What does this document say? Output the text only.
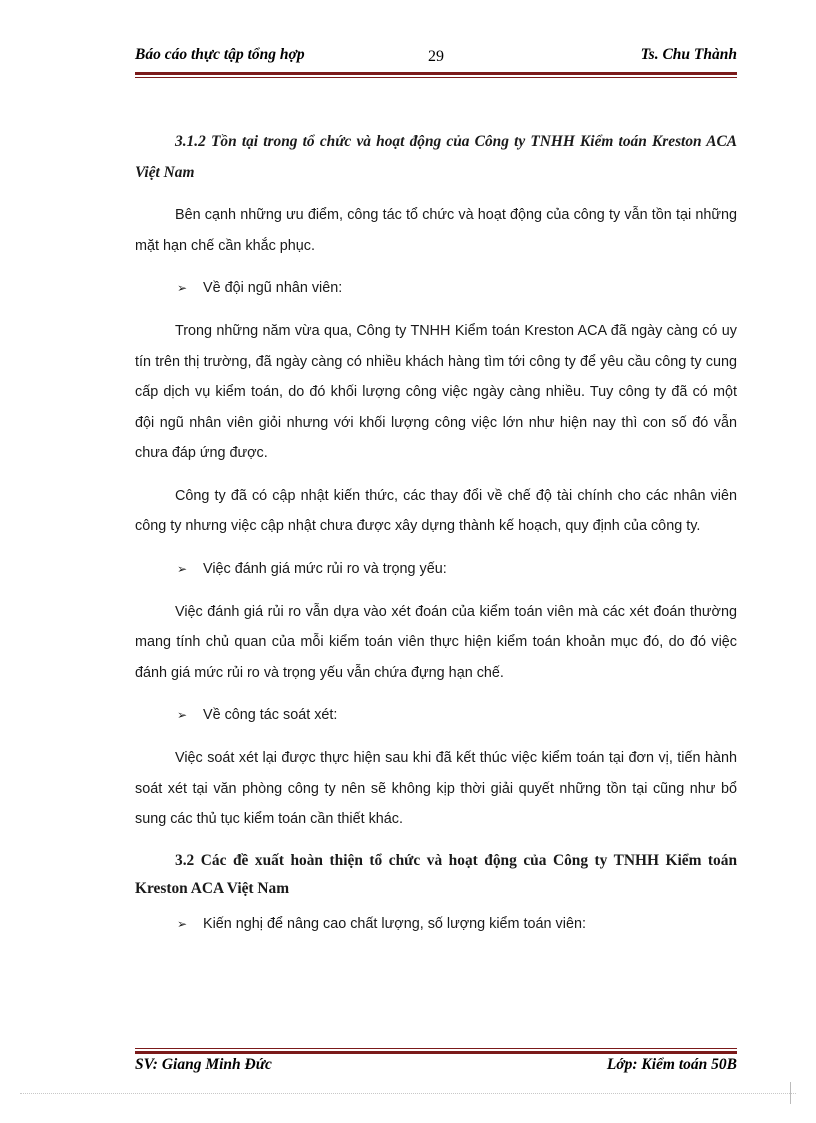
Báo cáo thực tập tổng hợp	29	Ts. Chu Thành

3.1.2 Tồn tại trong tổ chức và hoạt động của Công ty TNHH Kiểm toán Kreston ACA Việt Nam

Bên cạnh những ưu điểm, công tác tổ chức và hoạt động của công ty vẫn tồn tại những mặt hạn chế cần khắc phục.

➢ Về đội ngũ nhân viên:

Trong những năm vừa qua, Công ty TNHH Kiểm toán Kreston ACA đã ngày càng có uy tín trên thị trường, đã ngày càng có nhiều khách hàng tìm tới công ty để yêu cầu công ty cung cấp dịch vụ kiểm toán, do đó khối lượng công việc ngày càng nhiều. Tuy công ty đã có một đội ngũ nhân viên giỏi nhưng với khối lượng công việc lớn như hiện nay thì con số đó vẫn chưa đáp ứng được.

Công ty đã có cập nhật kiến thức, các thay đổi về chế độ tài chính cho các nhân viên công ty nhưng việc cập nhật chưa được xây dựng thành kế hoạch, quy định của công ty.

➢ Việc đánh giá mức rủi ro và trọng yếu:

Việc đánh giá rủi ro vẫn dựa vào xét đoán của kiểm toán viên mà các xét đoán thường mang tính chủ quan của mỗi kiểm toán viên thực hiện kiểm toán khoản mục đó, do đó việc đánh giá mức rủi ro và trọng yếu vẫn chứa đựng hạn chế.

➢ Về công tác soát xét:

Việc soát xét lại được thực hiện sau khi đã kết thúc việc kiểm toán tại đơn vị, tiến hành soát xét tại văn phòng công ty nên sẽ không kịp thời giải quyết những tồn tại cũng như bổ sung các thủ tục kiểm toán cần thiết khác.

3.2 Các đề xuất hoàn thiện tổ chức và hoạt động của Công ty TNHH Kiểm toán Kreston ACA Việt Nam

➢ Kiến nghị để nâng cao chất lượng, số lượng kiểm toán viên:
SV: Giang Minh Đức	Lớp: Kiểm toán 50B
